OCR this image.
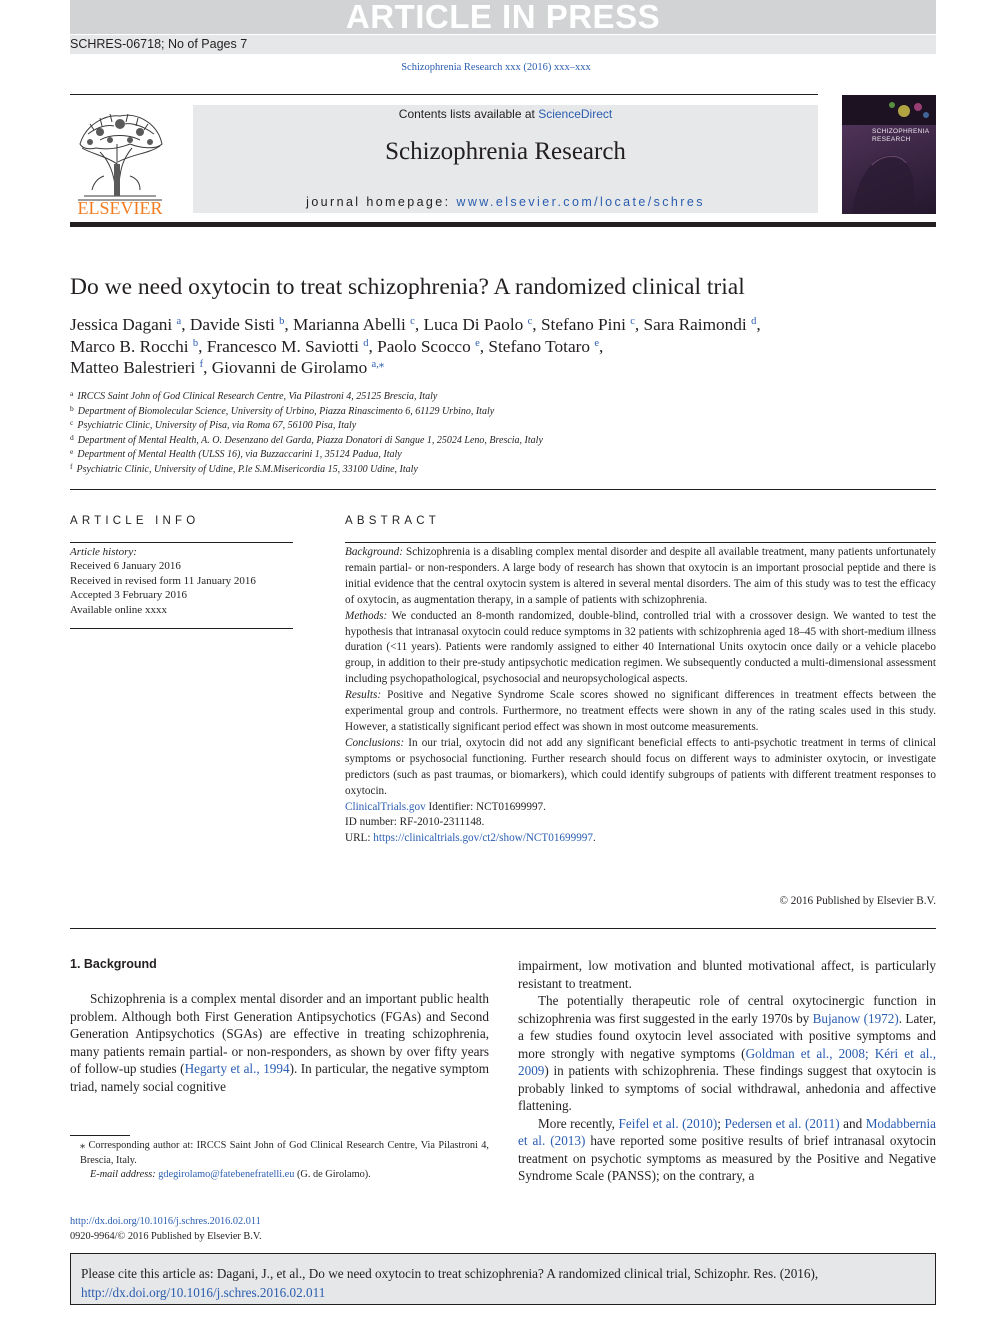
ARTICLE IN PRESS
SCHRES-06718; No of Pages 7
Schizophrenia Research xxx (2016) xxx–xxx
ELSEVIER
Contents lists available at ScienceDirect
Schizophrenia Research
journal homepage: www.elsevier.com/locate/schres
SCHIZOPHRENIA RESEARCH
Do we need oxytocin to treat schizophrenia? A randomized clinical trial
Jessica Dagani $^a$, Davide Sisti $^b$, Marianna Abelli $^c$, Luca Di Paolo $^c$, Stefano Pini $^c$, Sara Raimondi $^d$,
Marco B. Rocchi $^b$, Francesco M. Saviotti $^d$, Paolo Scocco $^e$, Stefano Totaro $^e$,
Matteo Balestrieri $^f$, Giovanni de Girolamo $^{a,⁎}$
$^a$ IRCCS Saint John of God Clinical Research Centre, Via Pilastroni 4, 25125 Brescia, Italy
$^b$ Department of Biomolecular Science, University of Urbino, Piazza Rinascimento 6, 61129 Urbino, Italy
$^c$ Psychiatric Clinic, University of Pisa, via Roma 67, 56100 Pisa, Italy
$^d$ Department of Mental Health, A. O. Desenzano del Garda, Piazza Donatori di Sangue 1, 25024 Leno, Brescia, Italy
$^e$ Department of Mental Health (ULSS 16), via Buzzaccarini 1, 35124 Padua, Italy
$^f$ Psychiatric Clinic, University of Udine, P.le S.M.Misericordia 15, 33100 Udine, Italy
ARTICLE INFO
Article history:
Received 6 January 2016
Received in revised form 11 January 2016
Accepted 3 February 2016
Available online xxxx
ABSTRACT
Background: Schizophrenia is a disabling complex mental disorder and despite all available treatment, many patients unfortunately remain partial- or non-responders. A large body of research has shown that oxytocin is an important prosocial peptide and there is initial evidence that the central oxytocin system is altered in several mental disorders. The aim of this study was to test the efficacy of oxytocin, as augmentation therapy, in a sample of patients with schizophrenia.
Methods: We conducted an 8-month randomized, double-blind, controlled trial with a crossover design. We wanted to test the hypothesis that intranasal oxytocin could reduce symptoms in 32 patients with schizophrenia aged 18–45 with short-medium illness duration (<11 years). Patients were randomly assigned to either 40 International Units oxytocin once daily or a vehicle placebo group, in addition to their pre-study antipsychotic medication regimen. We subsequently conducted a multi-dimensional assessment including psychopathological, psychosocial and neuropsychological aspects.
Results: Positive and Negative Syndrome Scale scores showed no significant differences in treatment effects between the experimental group and controls. Furthermore, no treatment effects were shown in any of the rating scales used in this study. However, a statistically significant period effect was shown in most outcome measurements.
Conclusions: In our trial, oxytocin did not add any significant beneficial effects to anti-psychotic treatment in terms of clinical symptoms or psychosocial functioning. Further research should focus on different ways to administer oxytocin, or investigate predictors (such as past traumas, or biomarkers), which could identify subgroups of patients with different treatment responses to oxytocin.
ClinicalTrials.gov Identifier: NCT01699997.
ID number: RF-2010-2311148.
URL: https://clinicaltrials.gov/ct2/show/NCT01699997.
© 2016 Published by Elsevier B.V.
1. Background

Schizophrenia is a complex mental disorder and an important public health problem. Although both First Generation Antipsychotics (FGAs) and Second Generation Antipsychotics (SGAs) are effective in treating schizophrenia, many patients remain partial- or non-responders, as shown by over fifty years of follow-up studies (Hegarty et al., 1994). In particular, the negative symptom triad, namely social cognitive

impairment, low motivation and blunted motivational affect, is particularly resistant to treatment.

The potentially therapeutic role of central oxytocinergic function in schizophrenia was first suggested in the early 1970s by Bujanow (1972). Later, a few studies found oxytocin level associated with positive symptoms and more strongly with negative symptoms (Goldman et al., 2008; Kéri et al., 2009) in patients with schizophrenia. These findings suggest that oxytocin is probably linked to symptoms of social withdrawal, anhedonia and affective flattening.

More recently, Feifel et al. (2010); Pedersen et al. (2011) and Modabbernia et al. (2013) have reported some positive results of brief intranasal oxytocin treatment on psychotic symptoms as measured by the Positive and Negative Syndrome Scale (PANSS); on the contrary, a

⁎ Corresponding author at: IRCCS Saint John of God Clinical Research Centre, Via Pilastroni 4, Brescia, Italy.
E-mail address: gdegirolamo@fatebenefratelli.eu (G. de Girolamo).
http://dx.doi.org/10.1016/j.schres.2016.02.011
0920-9964/© 2016 Published by Elsevier B.V.
Please cite this article as: Dagani, J., et al., Do we need oxytocin to treat schizophrenia? A randomized clinical trial, Schizophr. Res. (2016), http://dx.doi.org/10.1016/j.schres.2016.02.011
